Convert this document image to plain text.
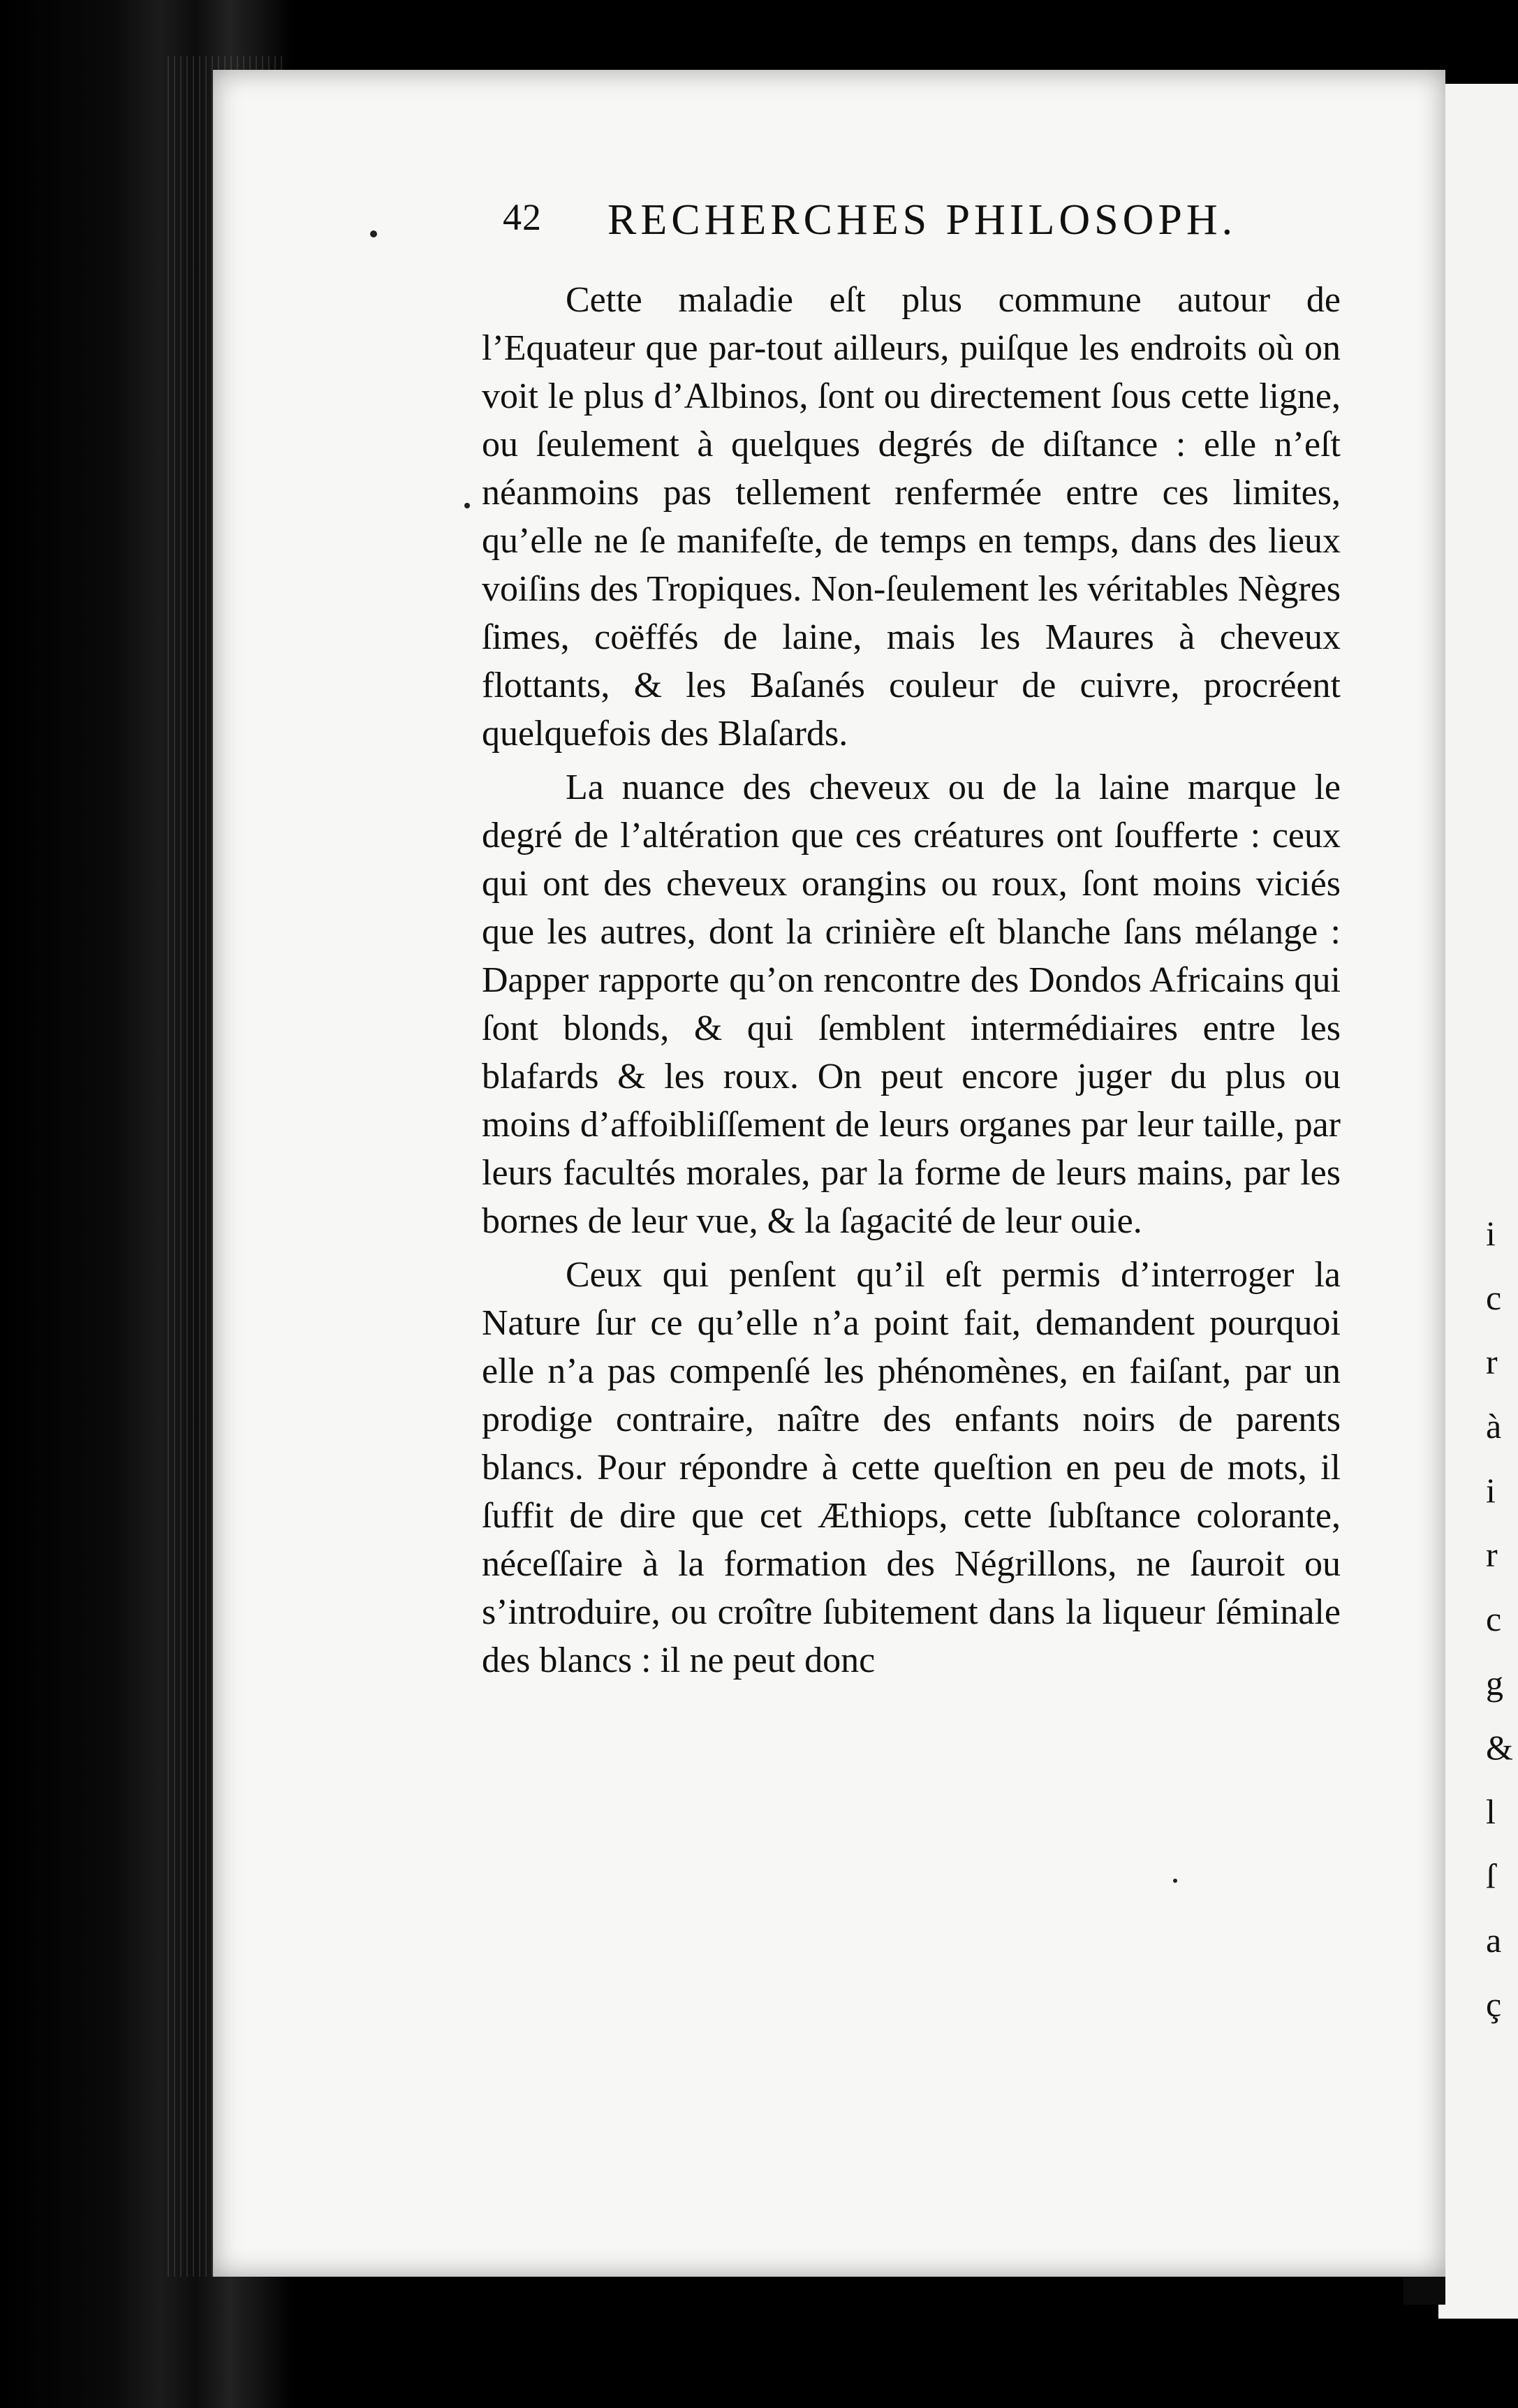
i
c
r
à
i
r
c
g
&
l
ſ
a
ç
42 RECHERCHES PHILOSOPH.

Cette maladie eſt plus commune autour de l’Equateur que par-tout ailleurs, puiſque les endroits où on voit le plus d’Albinos, ſont ou directement ſous cette ligne, ou ſeulement à quelques degrés de diſtance : elle n’eſt néanmoins pas tellement renfermée entre ces limites, qu’elle ne ſe manifeſte, de temps en temps, dans des lieux voiſins des Tropiques. Non-ſeulement les véritables Nègres ſimes, coëffés de laine, mais les Maures à cheveux flottants, & les Baſanés couleur de cuivre, procréent quelquefois des Blaſards.

La nuance des cheveux ou de la laine marque le degré de l’altération que ces créatures ont ſoufferte : ceux qui ont des cheveux orangins ou roux, ſont moins viciés que les autres, dont la crinière eſt blanche ſans mélange : Dapper rapporte qu’on rencontre des Dondos Africains qui ſont blonds, & qui ſemblent intermédiaires entre les blafards & les roux. On peut encore juger du plus ou moins d’affoibliſſement de leurs organes par leur taille, par leurs facultés morales, par la forme de leurs mains, par les bornes de leur vue, & la ſagacité de leur ouie.

Ceux qui penſent qu’il eſt permis d’interroger la Nature ſur ce qu’elle n’a point fait, demandent pourquoi elle n’a pas compenſé les phénomènes, en faiſant, par un prodige contraire, naître des enfants noirs de parents blancs. Pour répondre à cette queſtion en peu de mots, il ſuffit de dire que cet Æthiops, cette ſubſtance colorante, néceſſaire à la formation des Négrillons, ne ſauroit ou s’introduire, ou croître ſubitement dans la liqueur ſéminale des blancs : il ne peut donc
